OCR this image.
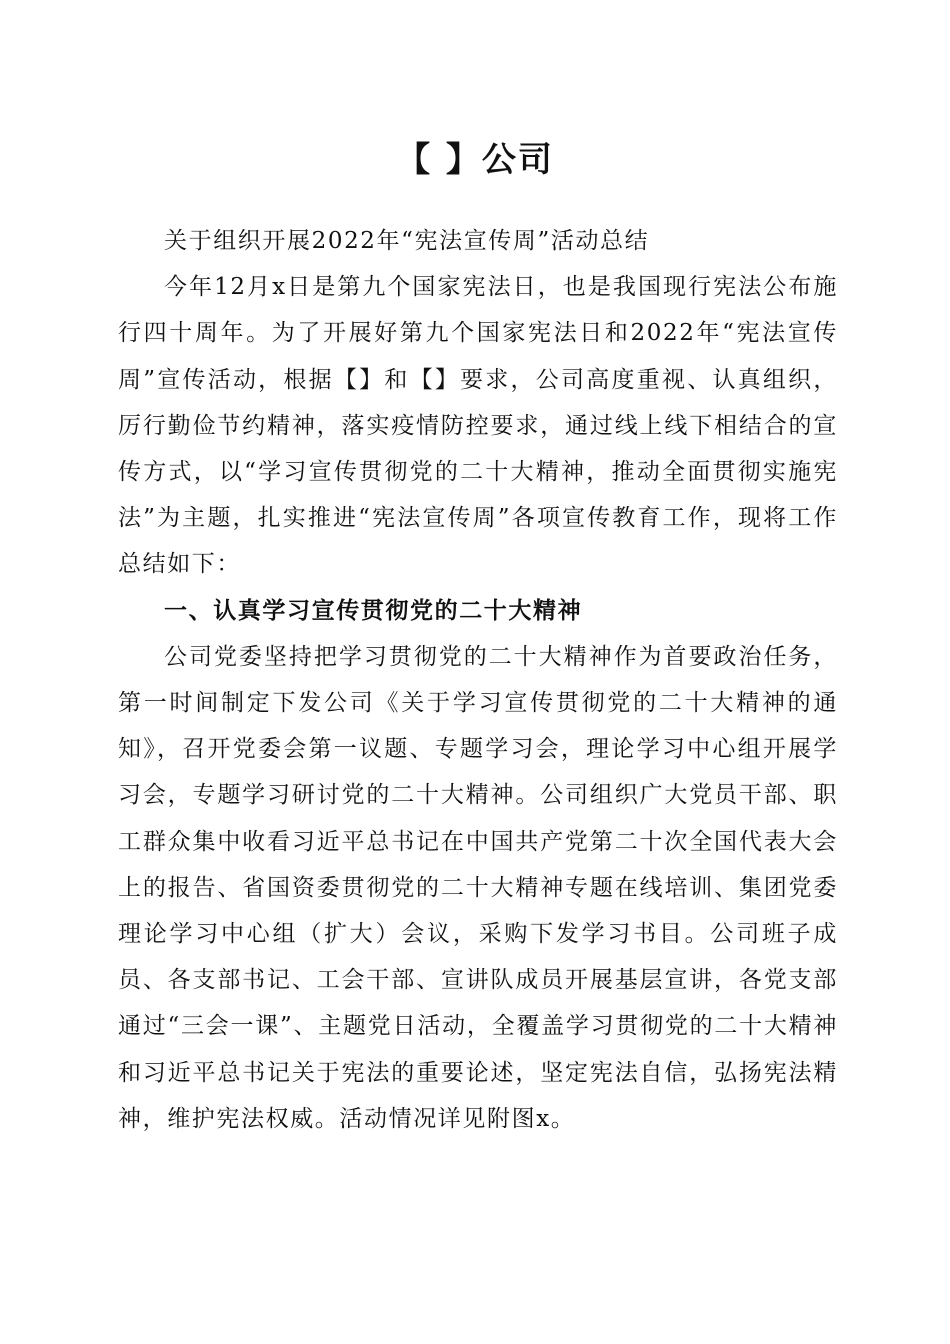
【 】公司

关于组织开展2022年“宪法宣传周”活动总结

今年12月x日是第九个国家宪法日，也是我国现行宪法公布施行四十周年。为了开展好第九个国家宪法日和2022年“宪法宣传周”宣传活动，根据【】和【】要求，公司高度重视、认真组织，厉行勤俭节约精神，落实疫情防控要求，通过线上线下相结合的宣传方式，以“学习宣传贯彻党的二十大精神，推动全面贯彻实施宪法”为主题，扎实推进“宪法宣传周”各项宣传教育工作，现将工作总结如下：

一、认真学习宣传贯彻党的二十大精神

公司党委坚持把学习贯彻党的二十大精神作为首要政治任务，第一时间制定下发公司《关于学习宣传贯彻党的二十大精神的通知》，召开党委会第一议题、专题学习会，理论学习中心组开展学习会，专题学习研讨党的二十大精神。公司组织广大党员干部、职工群众集中收看习近平总书记在中国共产党第二十次全国代表大会上的报告、省国资委贯彻党的二十大精神专题在线培训、集团党委理论学习中心组（扩大）会议，采购下发学习书目。公司班子成员、各支部书记、工会干部、宣讲队成员开展基层宣讲，各党支部通过“三会一课”、主题党日活动，全覆盖学习贯彻党的二十大精神和习近平总书记关于宪法的重要论述，坚定宪法自信，弘扬宪法精神，维护宪法权威。活动情况详见附图x。
